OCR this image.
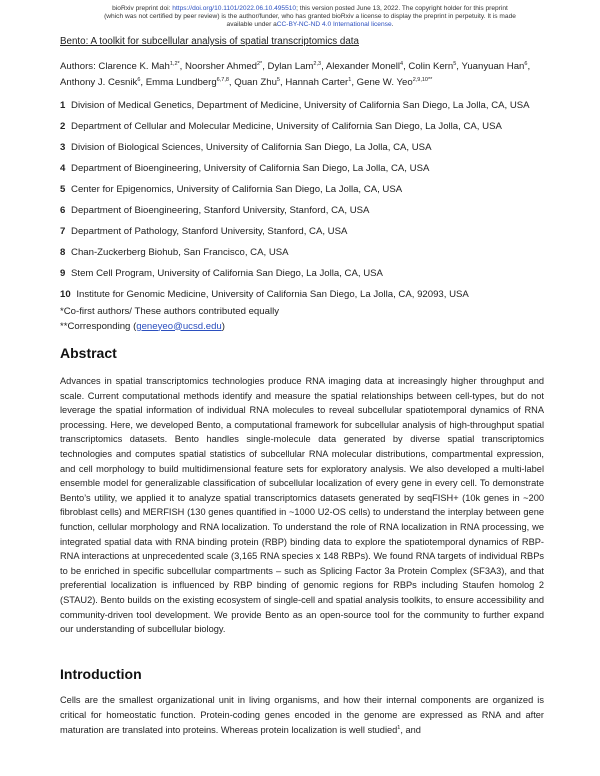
bioRxiv preprint doi: https://doi.org/10.1101/2022.06.10.495510; this version posted June 13, 2022. The copyright holder for this preprint
(which was not certified by peer review) is the author/funder, who has granted bioRxiv a license to display the preprint in perpetuity. It is made
available under aCC-BY-NC-ND 4.0 International license.
Bento: A toolkit for subcellular analysis of spatial transcriptomics data
Authors: Clarence K. Mah$^{1,2*}$, Noorsher Ahmed$^{2*}$, Dylan Lam$^{2,3}$, Alexander Monell$^4$, Colin Kern$^5$, Yuanyuan Han$^6$, Anthony J. Cesnik$^6$, Emma Lundberg$^{6,7,8}$, Quan Zhu$^5$, Hannah Carter$^1$, Gene W. Yeo$^{2,9,10**}$
1 Division of Medical Genetics, Department of Medicine, University of California San Diego, La Jolla, CA, USA
2 Department of Cellular and Molecular Medicine, University of California San Diego, La Jolla, CA, USA
3 Division of Biological Sciences, University of California San Diego, La Jolla, CA, USA
4 Department of Bioengineering, University of California San Diego, La Jolla, CA, USA
5 Center for Epigenomics, University of California San Diego, La Jolla, CA, USA
6 Department of Bioengineering, Stanford University, Stanford, CA, USA
7 Department of Pathology, Stanford University, Stanford, CA, USA
8 Chan-Zuckerberg Biohub, San Francisco, CA, USA
9 Stem Cell Program, University of California San Diego, La Jolla, CA, USA
10 Institute for Genomic Medicine, University of California San Diego, La Jolla, CA, 92093, USA
*Co-first authors/ These authors contributed equally
**Corresponding (geneyeo@ucsd.edu)
Abstract
Advances in spatial transcriptomics technologies produce RNA imaging data at increasingly higher throughput and scale. Current computational methods identify and measure the spatial relationships between cell-types, but do not leverage the spatial information of individual RNA molecules to reveal subcellular spatiotemporal dynamics of RNA processing. Here, we developed Bento, a computational framework for subcellular analysis of high-throughput spatial transcriptomics datasets. Bento handles single-molecule data generated by diverse spatial transcriptomics technologies and computes spatial statistics of subcellular RNA molecular distributions, compartmental expression, and cell morphology to build multidimensional feature sets for exploratory analysis. We also developed a multi-label ensemble model for generalizable classification of subcellular localization of every gene in every cell. To demonstrate Bento’s utility, we applied it to analyze spatial transcriptomics datasets generated by seqFISH+ (10k genes in ~200 fibroblast cells) and MERFISH (130 genes quantified in ~1000 U2-OS cells) to understand the interplay between gene function, cellular morphology and RNA localization. To understand the role of RNA localization in RNA processing, we integrated spatial data with RNA binding protein (RBP) binding data to explore the spatiotemporal dynamics of RBP-RNA interactions at unprecedented scale (3,165 RNA species x 148 RBPs). We found RNA targets of individual RBPs to be enriched in specific subcellular compartments – such as Splicing Factor 3a Protein Complex (SF3A3), and that preferential localization is influenced by RBP binding of genomic regions for RBPs including Staufen homolog 2 (STAU2). Bento builds on the existing ecosystem of single-cell and spatial analysis toolkits, to ensure accessibility and community-driven tool development. We provide Bento as an open-source tool for the community to further expand our understanding of subcellular biology.
Introduction
Cells are the smallest organizational unit in living organisms, and how their internal components are organized is critical for homeostatic function. Protein-coding genes encoded in the genome are expressed as RNA and after maturation are translated into proteins. Whereas protein localization is well studied$^1$, and
